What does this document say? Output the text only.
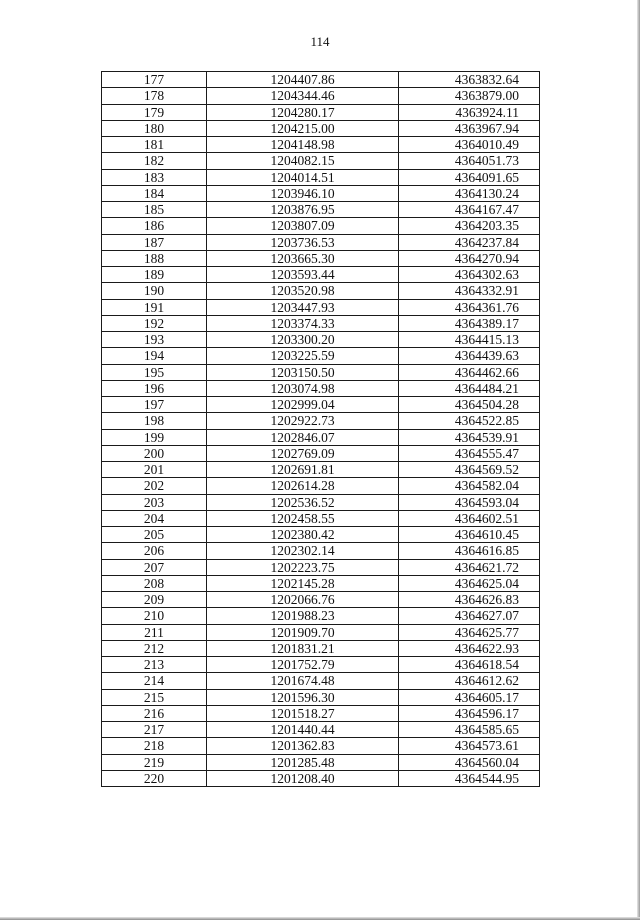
114
177	1204407.86	4363832.64
178	1204344.46	4363879.00
179	1204280.17	4363924.11
180	1204215.00	4363967.94
181	1204148.98	4364010.49
182	1204082.15	4364051.73
183	1204014.51	4364091.65
184	1203946.10	4364130.24
185	1203876.95	4364167.47
186	1203807.09	4364203.35
187	1203736.53	4364237.84
188	1203665.30	4364270.94
189	1203593.44	4364302.63
190	1203520.98	4364332.91
191	1203447.93	4364361.76
192	1203374.33	4364389.17
193	1203300.20	4364415.13
194	1203225.59	4364439.63
195	1203150.50	4364462.66
196	1203074.98	4364484.21
197	1202999.04	4364504.28
198	1202922.73	4364522.85
199	1202846.07	4364539.91
200	1202769.09	4364555.47
201	1202691.81	4364569.52
202	1202614.28	4364582.04
203	1202536.52	4364593.04
204	1202458.55	4364602.51
205	1202380.42	4364610.45
206	1202302.14	4364616.85
207	1202223.75	4364621.72
208	1202145.28	4364625.04
209	1202066.76	4364626.83
210	1201988.23	4364627.07
211	1201909.70	4364625.77
212	1201831.21	4364622.93
213	1201752.79	4364618.54
214	1201674.48	4364612.62
215	1201596.30	4364605.17
216	1201518.27	4364596.17
217	1201440.44	4364585.65
218	1201362.83	4364573.61
219	1201285.48	4364560.04
220	1201208.40	4364544.95
